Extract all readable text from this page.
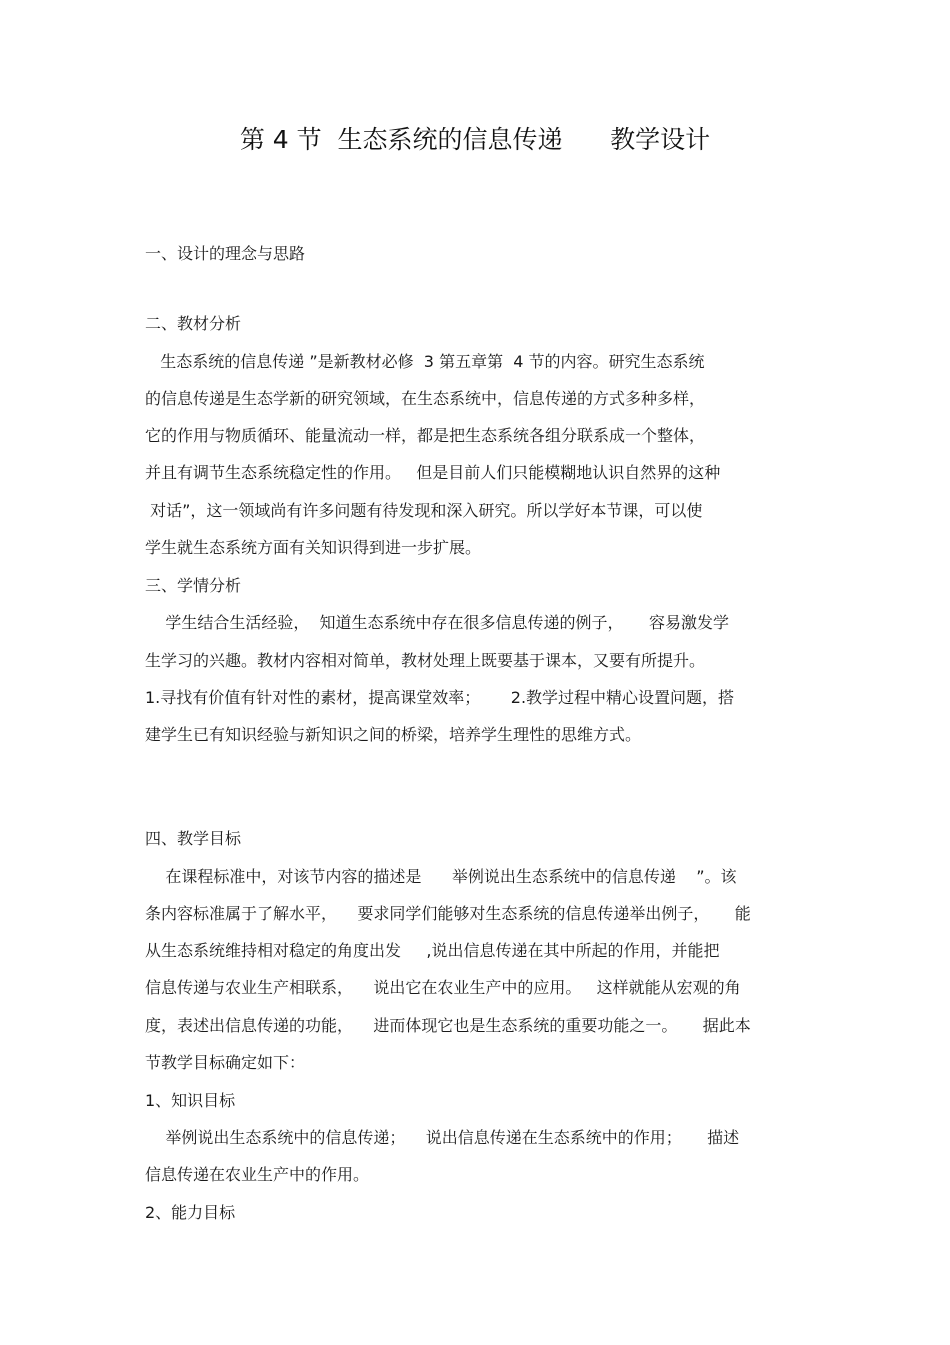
第 4 节  生态系统的信息传递      教学设计
一、设计的理念与思路
二、教材分析
生态系统的信息传递 ”是新教材必修  3 第五章第  4 节的内容。研究生态系统
的信息传递是生态学新的研究领域，在生态系统中，信息传递的方式多种多样，
它的作用与物质循环、能量流动一样，都是把生态系统各组分联系成一个整体，
并且有调节生态系统稳定性的作用。   但是目前人们只能模糊地认识自然界的这种
对话”，这一领域尚有许多问题有待发现和深入研究。所以学好本节课，可以使
学生就生态系统方面有关知识得到进一步扩展。
三、学情分析
学生结合生活经验，  知道生态系统中存在很多信息传递的例子，     容易激发学
生学习的兴趣。教材内容相对简单，教材处理上既要基于课本，又要有所提升。
1.寻找有价值有针对性的素材，提高课堂效率；      2.教学过程中精心设置问题，搭
建学生已有知识经验与新知识之间的桥梁，培养学生理性的思维方式。
四、教学目标
在课程标准中，对该节内容的描述是      举例说出生态系统中的信息传递    ”。该
条内容标准属于了解水平，    要求同学们能够对生态系统的信息传递举出例子，     能
从生态系统维持相对稳定的角度出发     ,说出信息传递在其中所起的作用，并能把
信息传递与农业生产相联系，    说出它在农业生产中的应用。   这样就能从宏观的角
度，表述出信息传递的功能，    进而体现它也是生态系统的重要功能之一。     据此本
节教学目标确定如下：
1、知识目标
举例说出生态系统中的信息传递；    说出信息传递在生态系统中的作用；     描述
信息传递在农业生产中的作用。
2、能力目标
